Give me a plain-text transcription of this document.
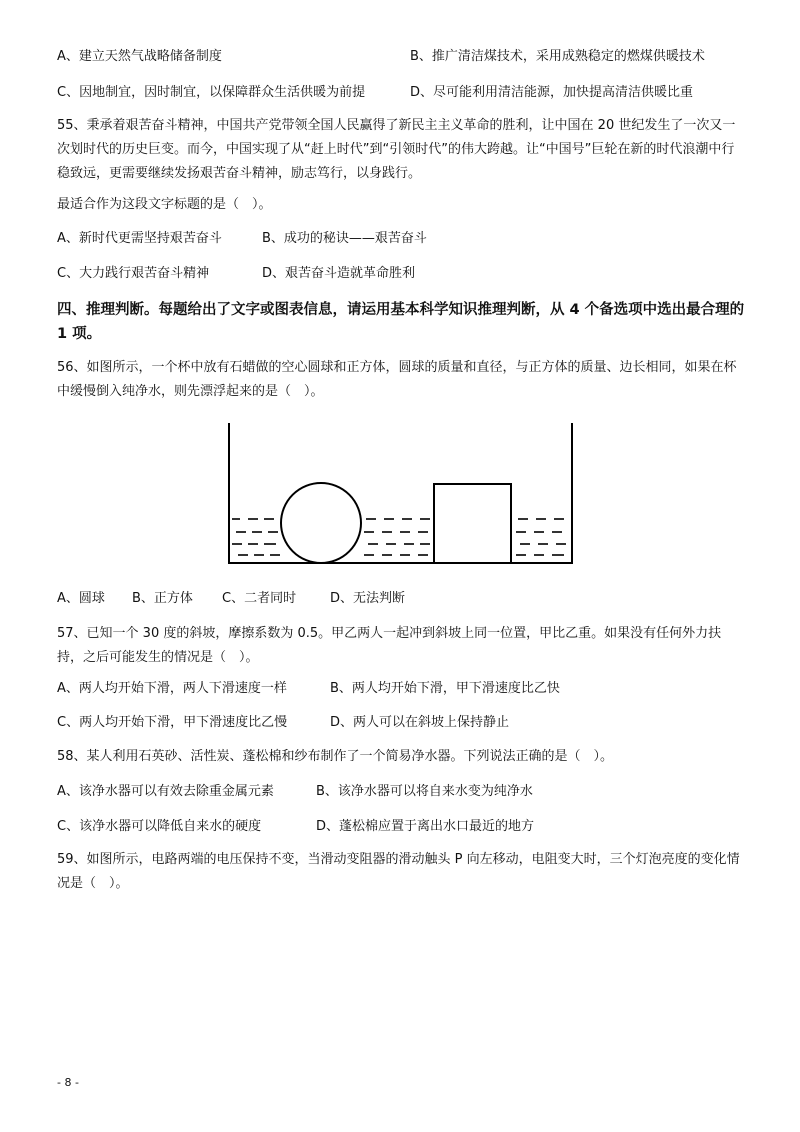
A、建立天然气战略储备制度	B、推广清洁煤技术，采用成熟稳定的燃煤供暖技术
C、因地制宜，因时制宜，以保障群众生活供暖为前提	D、尽可能利用清洁能源，加快提高清洁供暖比重
55、秉承着艰苦奋斗精神，中国共产党带领全国人民赢得了新民主主义革命的胜利，让中国在 20 世纪发生了一次又一次划时代的历史巨变。而今，中国实现了从“赶上时代”到“引领时代”的伟大跨越。让“中国号”巨轮在新的时代浪潮中行稳致远，更需要继续发扬艰苦奋斗精神，励志笃行，以身践行。
最适合作为这段文字标题的是（　）。
A、新时代更需坚持艰苦奋斗	B、成功的秘诀——艰苦奋斗
C、大力践行艰苦奋斗精神	D、艰苦奋斗造就革命胜利
四、推理判断。每题给出了文字或图表信息，请运用基本科学知识推理判断，从 4 个备选项中选出最合理的 1 项。
56、如图所示，一个杯中放有石蜡做的空心圆球和正方体，圆球的质量和直径，与正方体的质量、边长相同，如果在杯中缓慢倒入纯净水，则先漂浮起来的是（　）。
A、圆球 B、正方体 C、二者同时	D、无法判断
57、已知一个 30 度的斜坡，摩擦系数为 0.5。甲乙两人一起冲到斜坡上同一位置，甲比乙重。如果没有任何外力扶持，之后可能发生的情况是（　）。
A、两人均开始下滑，两人下滑速度一样	B、两人均开始下滑，甲下滑速度比乙快
C、两人均开始下滑，甲下滑速度比乙慢	D、两人可以在斜坡上保持静止
58、某人利用石英砂、活性炭、蓬松棉和纱布制作了一个简易净水器。下列说法正确的是（　）。
A、该净水器可以有效去除重金属元素	B、该净水器可以将自来水变为纯净水
C、该净水器可以降低自来水的硬度	D、蓬松棉应置于离出水口最近的地方
59、如图所示，电路两端的电压保持不变，当滑动变阻器的滑动触头 P 向左移动，电阻变大时，三个灯泡亮度的变化情况是（　）。
- 8 -
